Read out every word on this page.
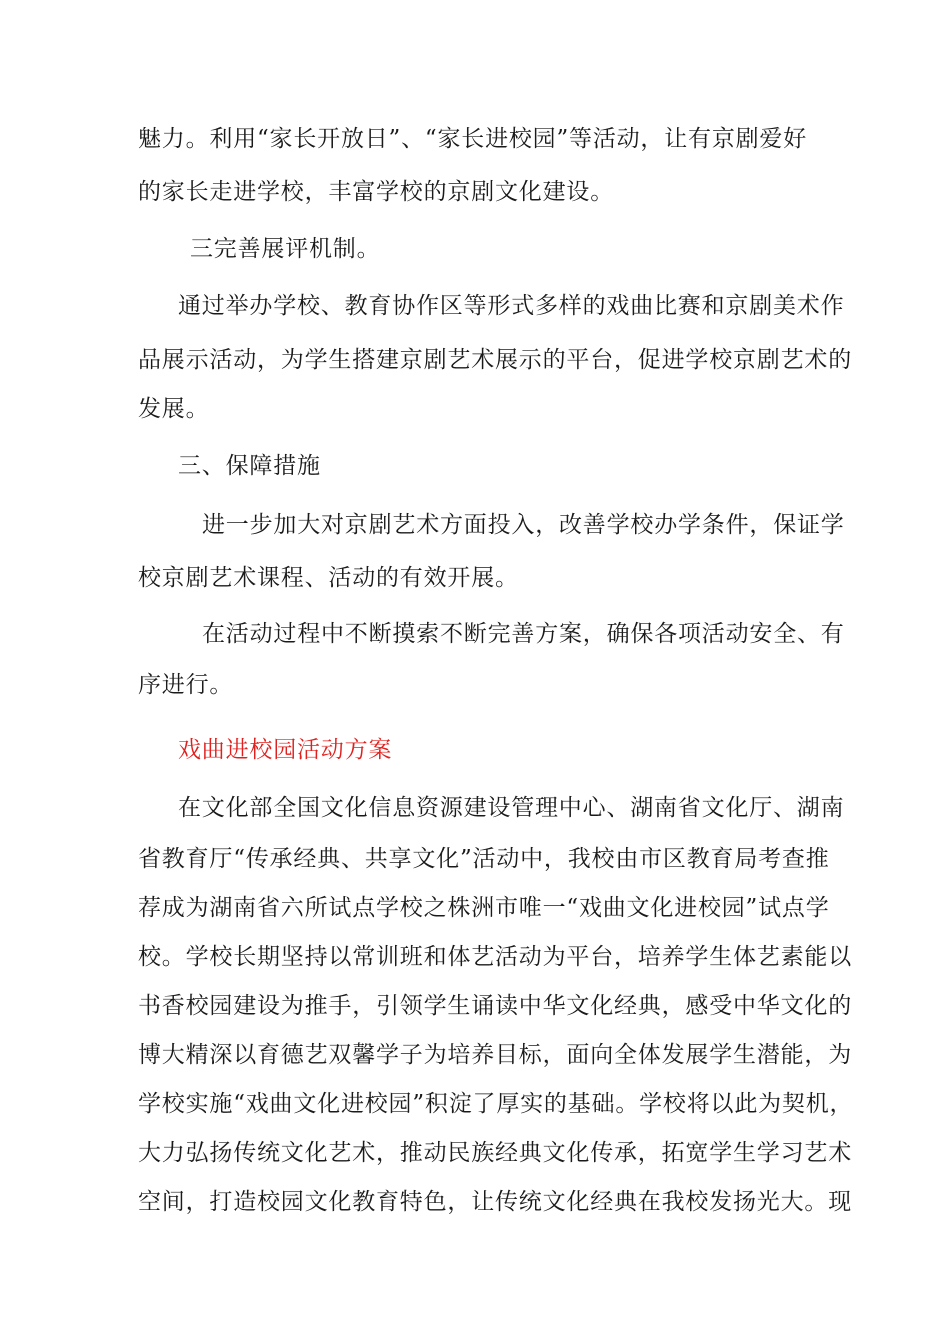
魅力。利用“家长开放日”、“家长进校园”等活动，让有京剧爱好
的家长走进学校，丰富学校的京剧文化建设。
三完善展评机制。
通过举办学校、教育协作区等形式多样的戏曲比赛和京剧美术作
品展示活动，为学生搭建京剧艺术展示的平台，促进学校京剧艺术的
发展。
三、保障措施
进一步加大对京剧艺术方面投入，改善学校办学条件，保证学
校京剧艺术课程、活动的有效开展。
在活动过程中不断摸索不断完善方案，确保各项活动安全、有
序进行。
戏曲进校园活动方案
在文化部全国文化信息资源建设管理中心、湖南省文化厅、湖南
省教育厅“传承经典、共享文化”活动中，我校由市区教育局考查推
荐成为湖南省六所试点学校之株洲市唯一“戏曲文化进校园”试点学
校。学校长期坚持以常训班和体艺活动为平台，培养学生体艺素能以
书香校园建设为推手，引领学生诵读中华文化经典，感受中华文化的
博大精深以育德艺双馨学子为培养目标，面向全体发展学生潜能，为
学校实施“戏曲文化进校园”积淀了厚实的基础。学校将以此为契机，
大力弘扬传统文化艺术，推动民族经典文化传承，拓宽学生学习艺术
空间，打造校园文化教育特色，让传统文化经典在我校发扬光大。现
